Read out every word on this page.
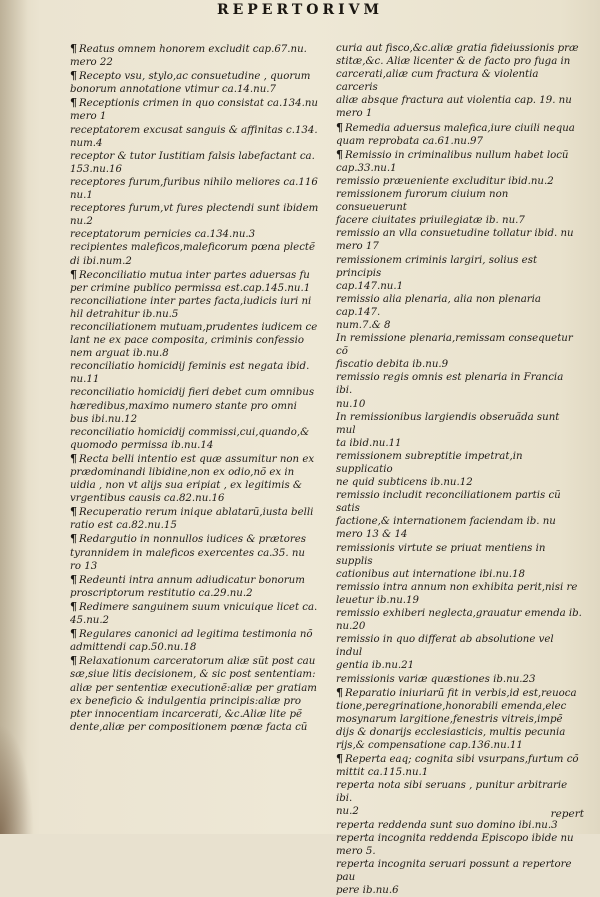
REPERTORIVM

¶ Reatus omnem honorem excludit cap.67.nu.

mero 22

¶ Recepto vsu, stylo,ac consuetudine , quorum

bonorum annotatione vtimur ca.14.nu.7

¶ Receptionis crimen in quo consistat ca.134.nu

mero 1

receptatorem excusat sanguis & affinitas c.134.

num.4

receptor & tutor Iustitiam falsis labefactant ca.

153.nu.16

receptores furum,furibus nihilo meliores ca.116

nu.1

receptores furum,vt fures plectendi sunt ibidem

nu.2

receptatorum pernicies ca.134.nu.3

recipientes maleficos,maleficorum pœna plectẽ

di ibi.num.2

¶ Reconciliatio mutua inter partes aduersas fu

per crimine publico permissa est.cap.145.nu.1

reconciliatione inter partes facta,iudicis iuri ni

hil detrahitur ib.nu.5

reconciliationem mutuam,prudentes iudicem ce

lant ne ex pace composita, criminis confessio

nem arguat ib.nu.8

reconciliatio homicidij feminis est negata ibid.

nu.11

reconciliatio homicidij fieri debet cum omnibus

hæredibus,maximo numero stante pro omni

bus ibi.nu.12

reconciliatio homicidij commissi,cui,quando,&

quomodo permissa ib.nu.14

¶ Recta belli intentio est quæ assumitur non ex

prædominandi libidine,non ex odio,nõ ex in

uidia , non vt alijs sua eripiat , ex legitimis &

vrgentibus causis ca.82.nu.16

¶ Recuperatio rerum inique ablatarũ,iusta belli

ratio est ca.82.nu.15

¶ Redargutio in nonnullos iudices & prætores

tyrannidem in maleficos exercentes ca.35. nu

ro 13

¶ Redeunti intra annum adiudicatur bonorum

proscriptorum restitutio ca.29.nu.2

¶ Redimere sanguinem suum vnicuique licet ca.

45.nu.2

¶ Regulares canonici ad legitima testimonia nõ

admittendi cap.50.nu.18

¶ Relaxationum carceratorum aliæ sũt post cau

sæ,siue litis decisionem, & sic post sententiam:

aliæ per sententiæ executionẽ:aliæ per gratiam

ex beneficio & indulgentia principis:aliæ pro

pter innocentiam incarcerati, &c.Aliæ lite pẽ

dente,aliæ per compositionem pœnæ facta cũ

curia aut fisco,&c.aliæ gratia fideiussionis præ

stitæ,&c. Aliæ licenter & de facto pro fuga in

carcerati,aliæ cum fractura & violentia carceris

aliæ absque fractura aut violentia cap. 19. nu

mero 1

¶ Remedia aduersus malefica,iure ciuili nequa

quam reprobata ca.61.nu.97

¶ Remissio in criminalibus nullum habet locũ

cap.33.nu.1

remissio præueniente excluditur ibid.nu.2

remissionem furorum ciuium non consueuerunt

facere ciuitates priuilegiatæ ib. nu.7

remissio an vlla consuetudine tollatur ibid. nu

mero 17

remissionem criminis largiri, solius est principis

cap.147.nu.1

remissio alia plenaria, alia non plenaria cap.147.

num.7.& 8

In remissione plenaria,remissam consequetur cõ

fiscatio debita ib.nu.9

remissio regis omnis est plenaria in Francia ibi.

nu.10

In remissionibus largiendis obseruãda sunt mul

ta ibid.nu.11

remissionem subreptitie impetrat,in supplicatio

ne quid subticens ib.nu.12

remissio includit reconciliationem partis cũ satis

factione,& internationem faciendam ib. nu

mero 13 & 14

remissionis virtute se priuat mentiens in supplis

cationibus aut internatione ibi.nu.18

remissio intra annum non exhibita perit,nisi re

leuetur ib.nu.19

remissio exhiberi neglecta,grauatur emenda ib.

nu.20

remissio in quo differat ab absolutione vel indul

gentia ib.nu.21

remissionis variæ quæstiones ib.nu.23

¶ Reparatio iniuriarũ fit in verbis,id est,reuoca

tione,peregrinatione,honorabili emenda,elec

mosynarum largitione,fenestris vitreis,impẽ

dijs & donarijs ecclesiasticis, multis pecunia

rijs,& compensatione cap.136.nu.11

¶ Reperta eaq; cognita sibi vsurpans,furtum cõ

mittit ca.115.nu.1

reperta nota sibi seruans , punitur arbitrarie ibi.

nu.2

reperta reddenda sunt suo domino ibi.nu.3

reperta incognita reddenda Episcopo ibide nu

mero 5.

reperta incognita seruari possunt a repertore pau

pere ib.nu.6

repert
